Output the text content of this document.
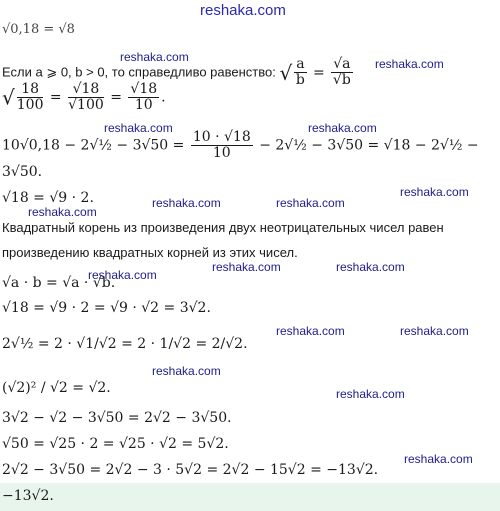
reshaka.com
reshaka.com	reshaka.com
reshaka.com	reshaka.com
reshaka.com
reshaka.com	reshaka.com
reshaka.com
reshaka.com
reshaka.com	reshaka.com
reshaka.com	reshaka.com
reshaka.com
reshaka.com
reshaka.com
√0,18 = √8
Если a ⩾ 0, b > 0, то справедливо равенство: √ $\frac{a}{b} = \frac{√a}{√b}$
√ $\frac{18}{100} = \frac{√18}{√100} = \frac{√18}{10}$ .
10√0,18 − 2√½ − $3√50 = \frac{10 \cdot √18}{10}$ − 2√½ − 3√50 = √18 − 2√½ −
3√50.
√18 = √9 · 2.
Квадратный корень из произведения двух неотрицательных чисел равен
произведению квадратных корней из этих чисел.
√a · b = √a · √b.
√18 = √9 · 2 = √9 · √2 = 3√2.
2√½ = 2 · √1/√2 = 2 · 1/√2 = 2/√2.
(√2)² / √2 = √2.
3√2 − √2 − 3√50 = 2√2 − 3√50.
√50 = √25 · 2 = √25 · √2 = 5√2.
2√2 − 3√50 = 2√2 − 3 · 5√2 = 2√2 − 15√2 = −13√2.
−13√2.
